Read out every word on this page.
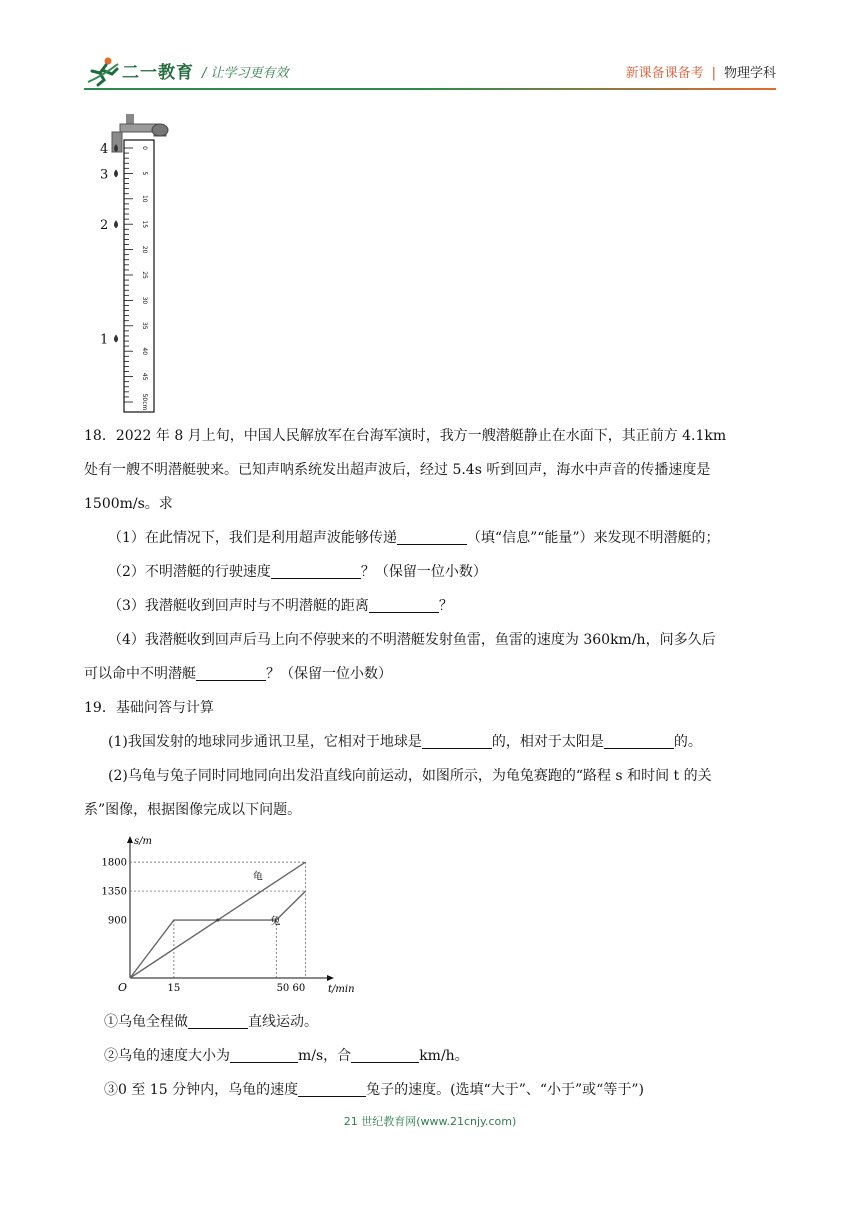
二一教育 / 让学习更有效	新课备课备考 | 物理学科
0
5
10
15
20
25
30
35
40
45
50cm
4
3
2
1
18．2022 年 8 月上旬，中国人民解放军在台海军演时，我方一艘潜艇静止在水面下，其正前方 4.1km
处有一艘不明潜艇驶来。已知声呐系统发出超声波后，经过 5.4s 听到回声，海水中声音的传播速度是
1500m/s。求
（1）在此情况下，我们是利用超声波能够传递	（填“信息”“能量”）来发现不明潜艇的；
（2）不明潜艇的行驶速度	？（保留一位小数）
（3）我潜艇收到回声时与不明潜艇的距离	？
（4）我潜艇收到回声后马上向不停驶来的不明潜艇发射鱼雷，鱼雷的速度为 360km/h，问多久后
可以命中不明潜艇	？（保留一位小数）
19．基础问答与计算
(1)我国发射的地球同步通讯卫星，它相对于地球是	的，相对于太阳是	的。
(2)乌龟与兔子同时同地同向出发沿直线向前运动，如图所示，为龟兔赛跑的“路程 s 和时间 t 的关
系”图像，根据图像完成以下问题。
s/m
t/min
O
900
1350
1800
15	50 60
龟
兔
①乌龟全程做	直线运动。
②乌龟的速度大小为	m/s，合	km/h。
③0 至 15 分钟内，乌龟的速度	兔子的速度。(选填“大于”、“小于”或“等于”)
21 世纪教育网(www.21cnjy.com)
